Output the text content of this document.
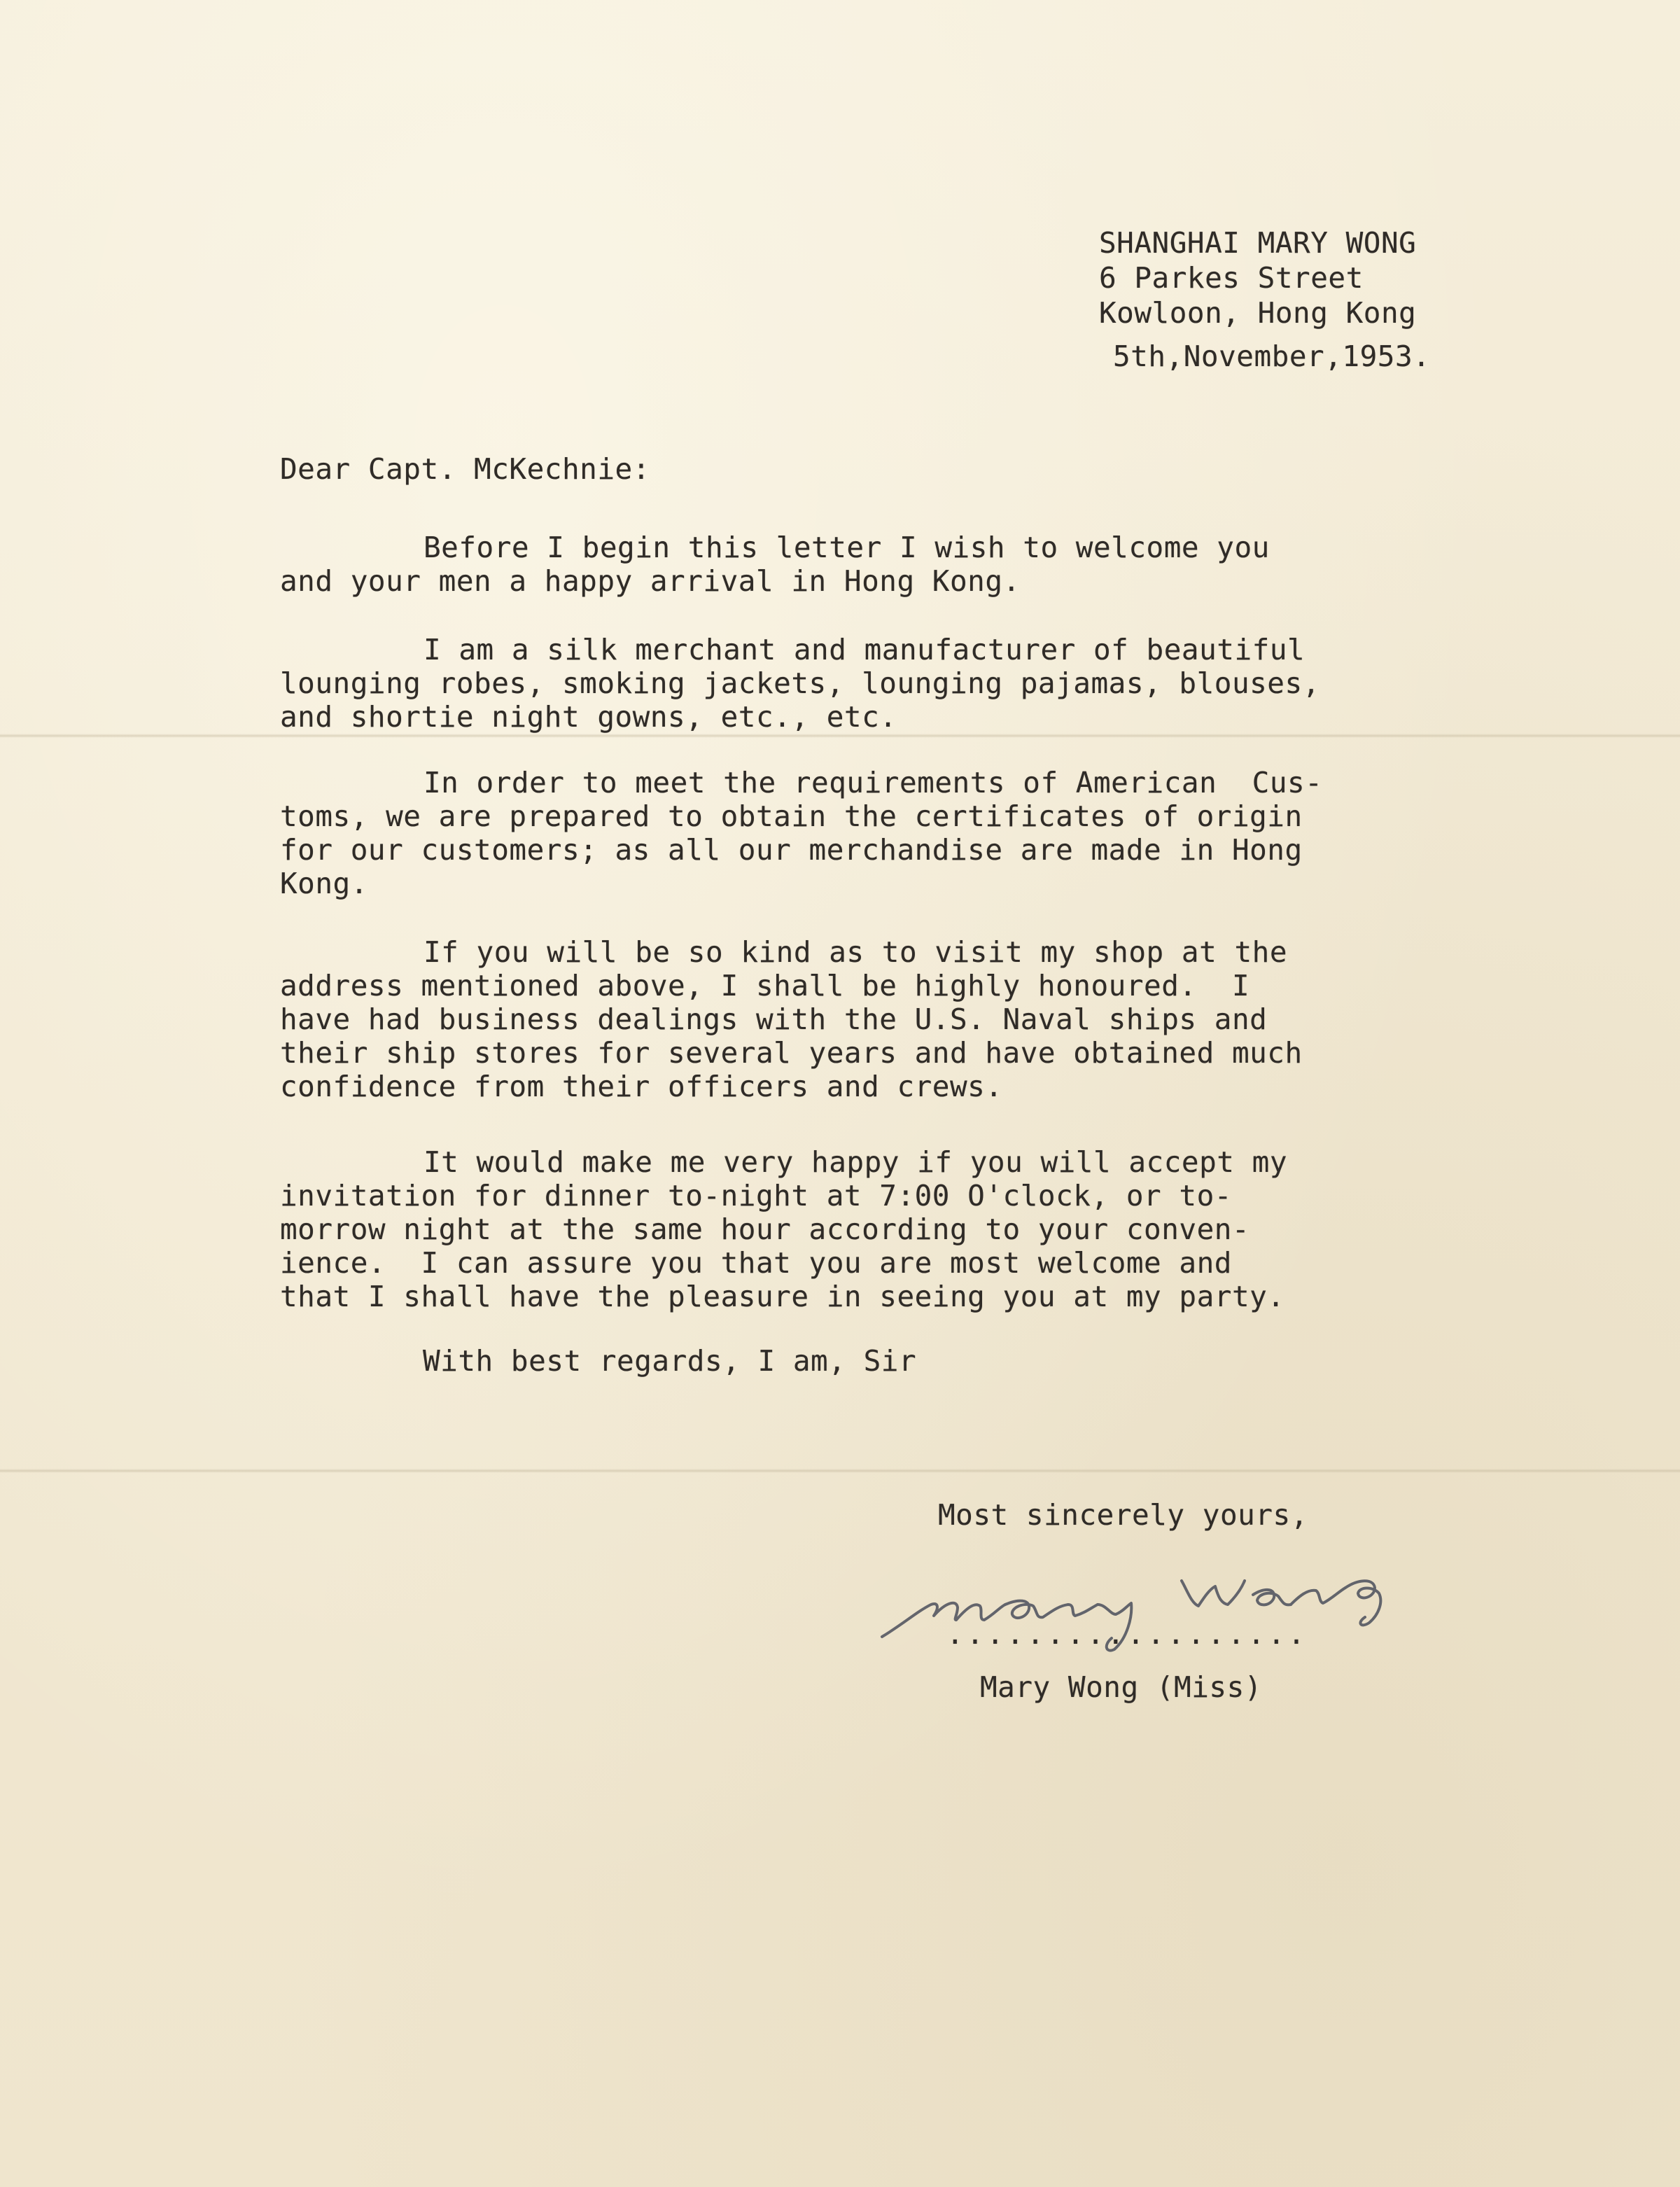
SHANGHAI MARY WONG
6 Parkes Street
Kowloon, Hong Kong
5th,November,1953.
Dear Capt. McKechnie:
Before I begin this letter I wish to welcome you
and your men a happy arrival in Hong Kong.
I am a silk merchant and manufacturer of beautiful
lounging robes, smoking jackets, lounging pajamas, blouses,
and shortie night gowns, etc., etc.
In order to meet the requirements of American  Cus-
toms, we are prepared to obtain the certificates of origin
for our customers; as all our merchandise are made in Hong
Kong.
If you will be so kind as to visit my shop at the
address mentioned above, I shall be highly honoured.  I
have had business dealings with the U.S. Naval ships and
their ship stores for several years and have obtained much
confidence from their officers and crews.
It would make me very happy if you will accept my
invitation for dinner to-night at 7:00 O'clock, or to-
morrow night at the same hour according to your conven-
ience.  I can assure you that you are most welcome and
that I shall have the pleasure in seeing you at my party.
With best regards, I am, Sir
Most sincerely yours,
..................
Mary Wong (Miss)
